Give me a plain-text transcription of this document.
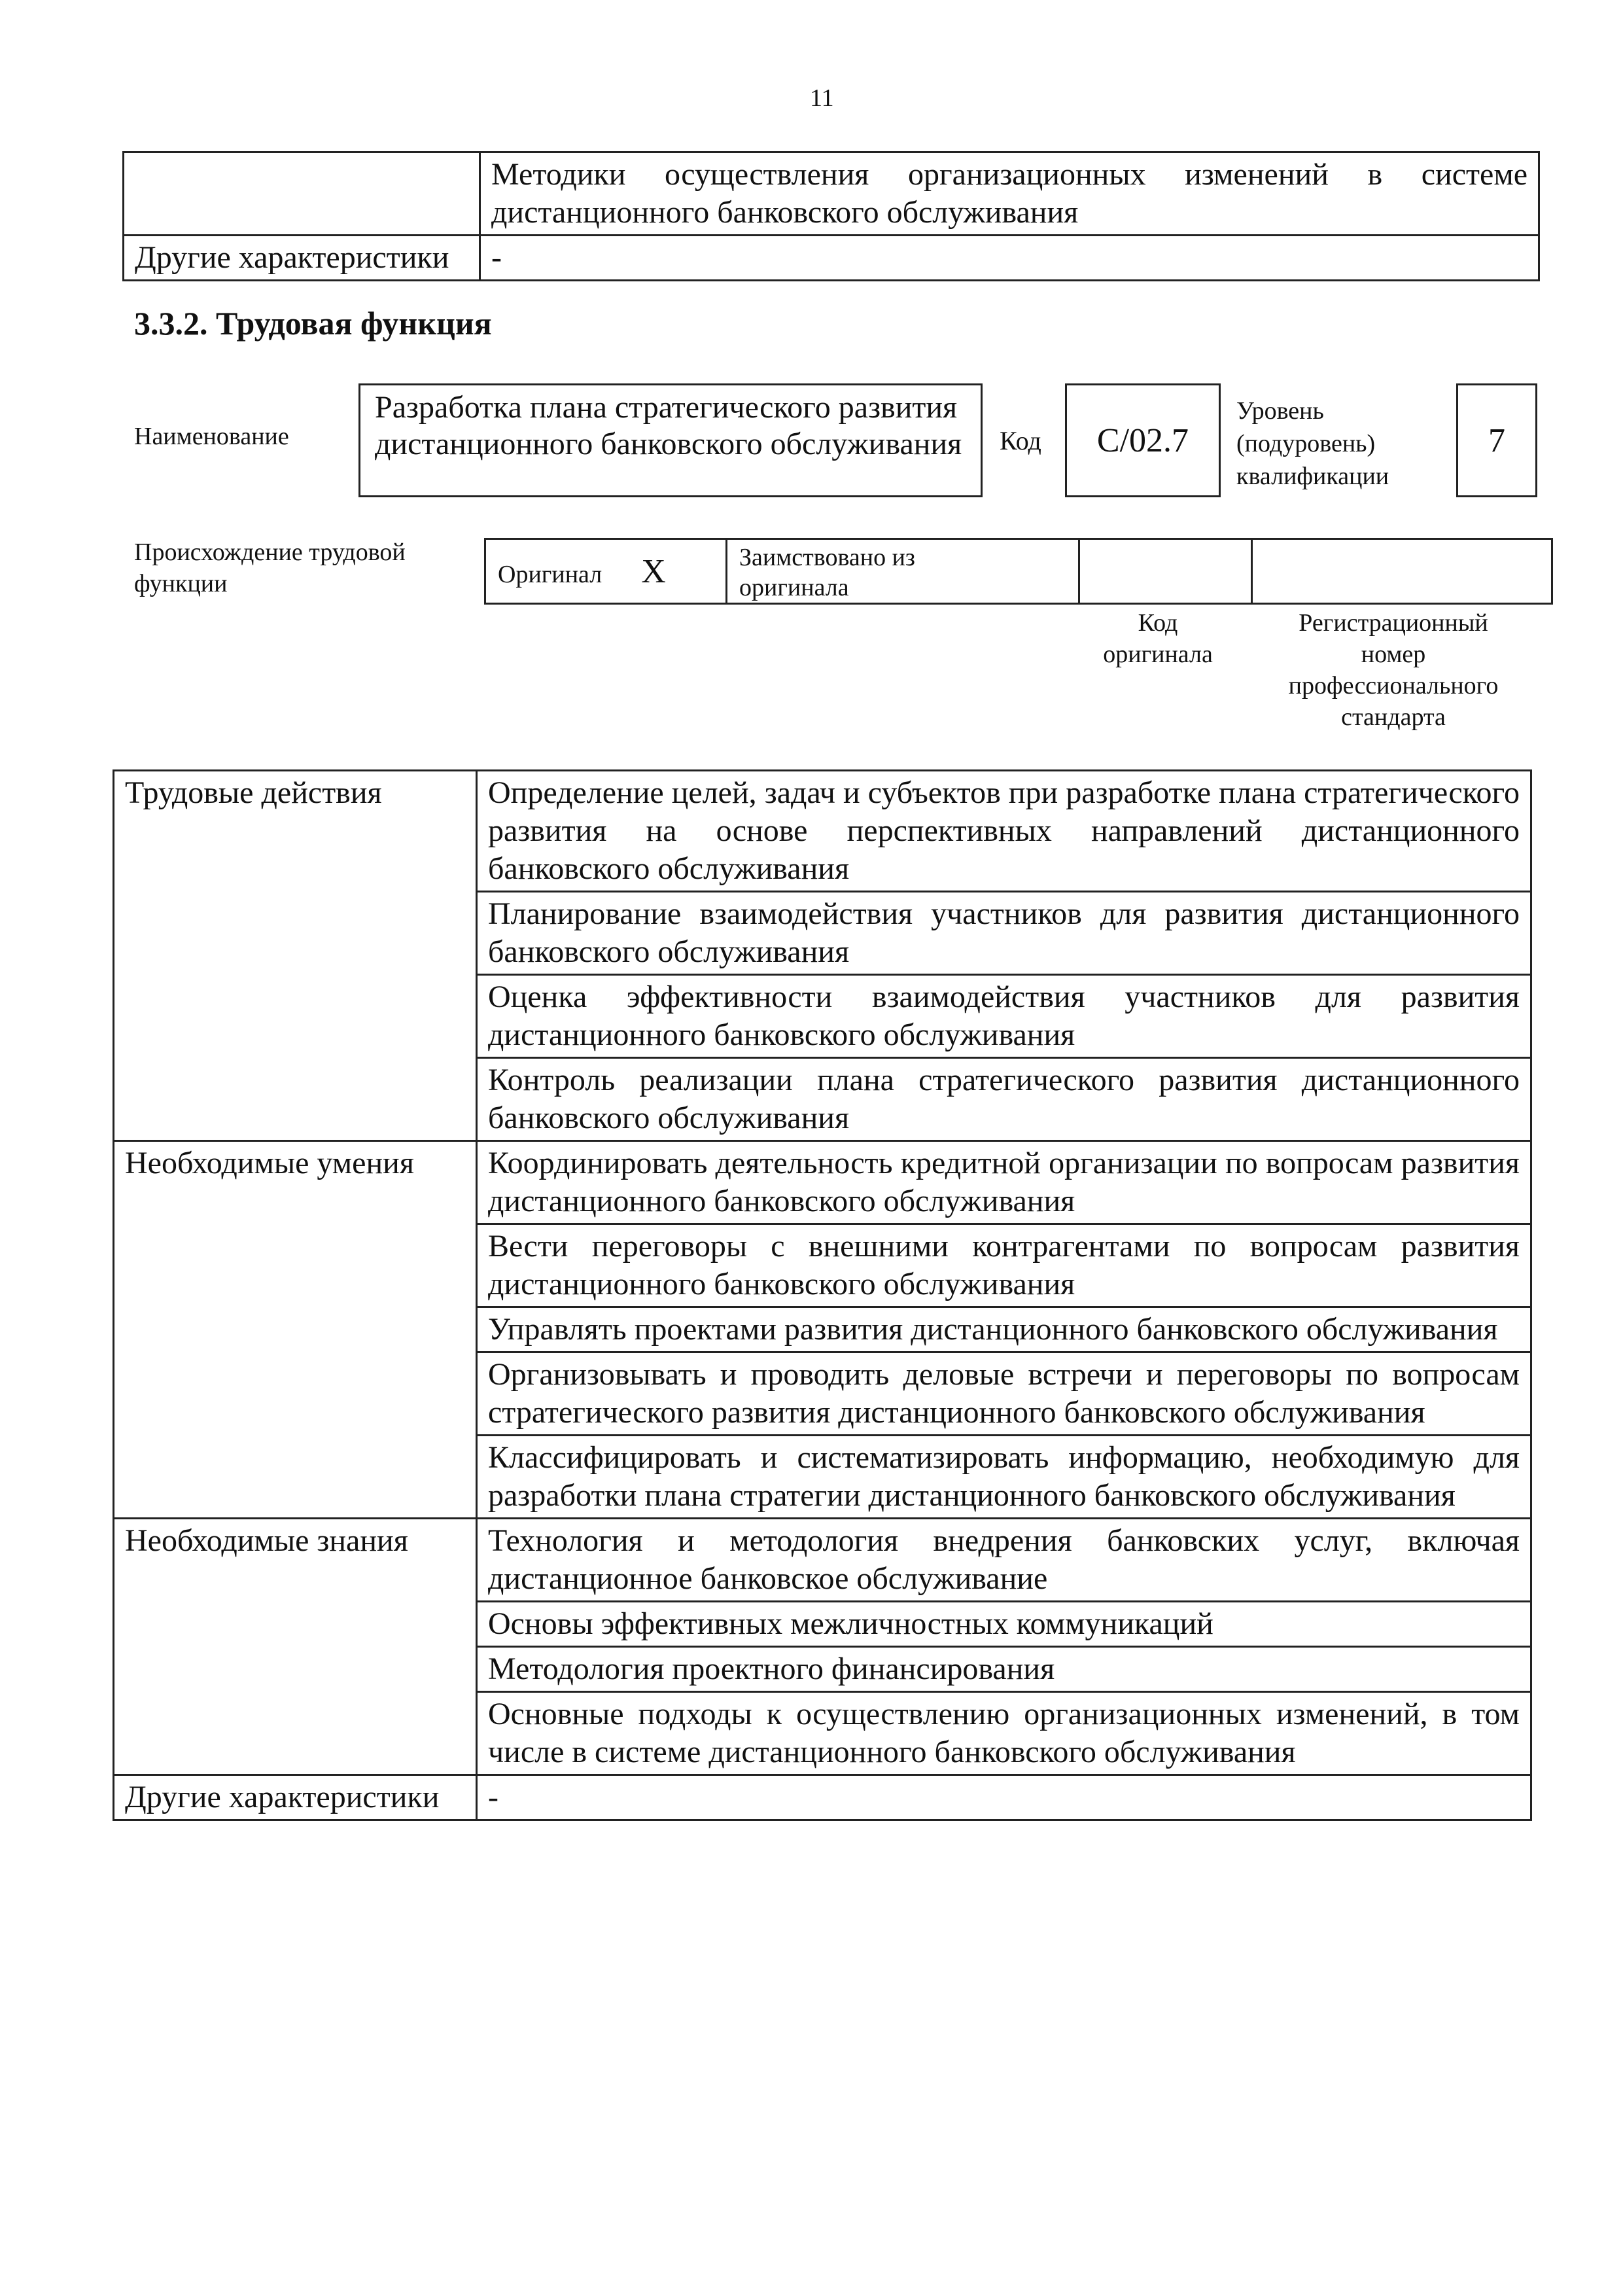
11
	Методики осуществления организационных изменений в системе дистанционного банковского обслуживания
Другие характеристики	-
3.3.2. Трудовая функция
Наименование
Разработка плана стратегического развития дистанционного банковского обслуживания	Код	C/02.7
Уровень
(подуровень)
квалификации
7
Происхождение трудовой
функции	Оригинал X	Заимствовано из
оригинала

Код
оригинала
Регистрационный
номер
профессионального
стандарта
Трудовые действия	Определение целей, задач и субъектов при разработке плана стратегического развития на основе перспективных направлений дистанционного банковского обслуживания
	Планирование взаимодействия участников для развития дистанционного банковского обслуживания
	Оценка эффективности взаимодействия участников для развития дистанционного банковского обслуживания
	Контроль реализации плана стратегического развития дистанционного банковского обслуживания
Необходимые умения	Координировать деятельность кредитной организации по вопросам развития дистанционного банковского обслуживания
	Вести переговоры с внешними контрагентами по вопросам развития дистанционного банковского обслуживания
	Управлять проектами развития дистанционного банковского обслуживания
	Организовывать и проводить деловые встречи и переговоры по вопросам стратегического развития дистанционного банковского обслуживания
	Классифицировать и систематизировать информацию, необходимую для разработки плана стратегии дистанционного банковского обслуживания
Необходимые знания	Технология и методология внедрения банковских услуг, включая дистанционное банковское обслуживание
	Основы эффективных межличностных коммуникаций
	Методология проектного финансирования
	Основные подходы к осуществлению организационных изменений, в том числе в системе дистанционного банковского обслуживания
Другие характеристики	-
